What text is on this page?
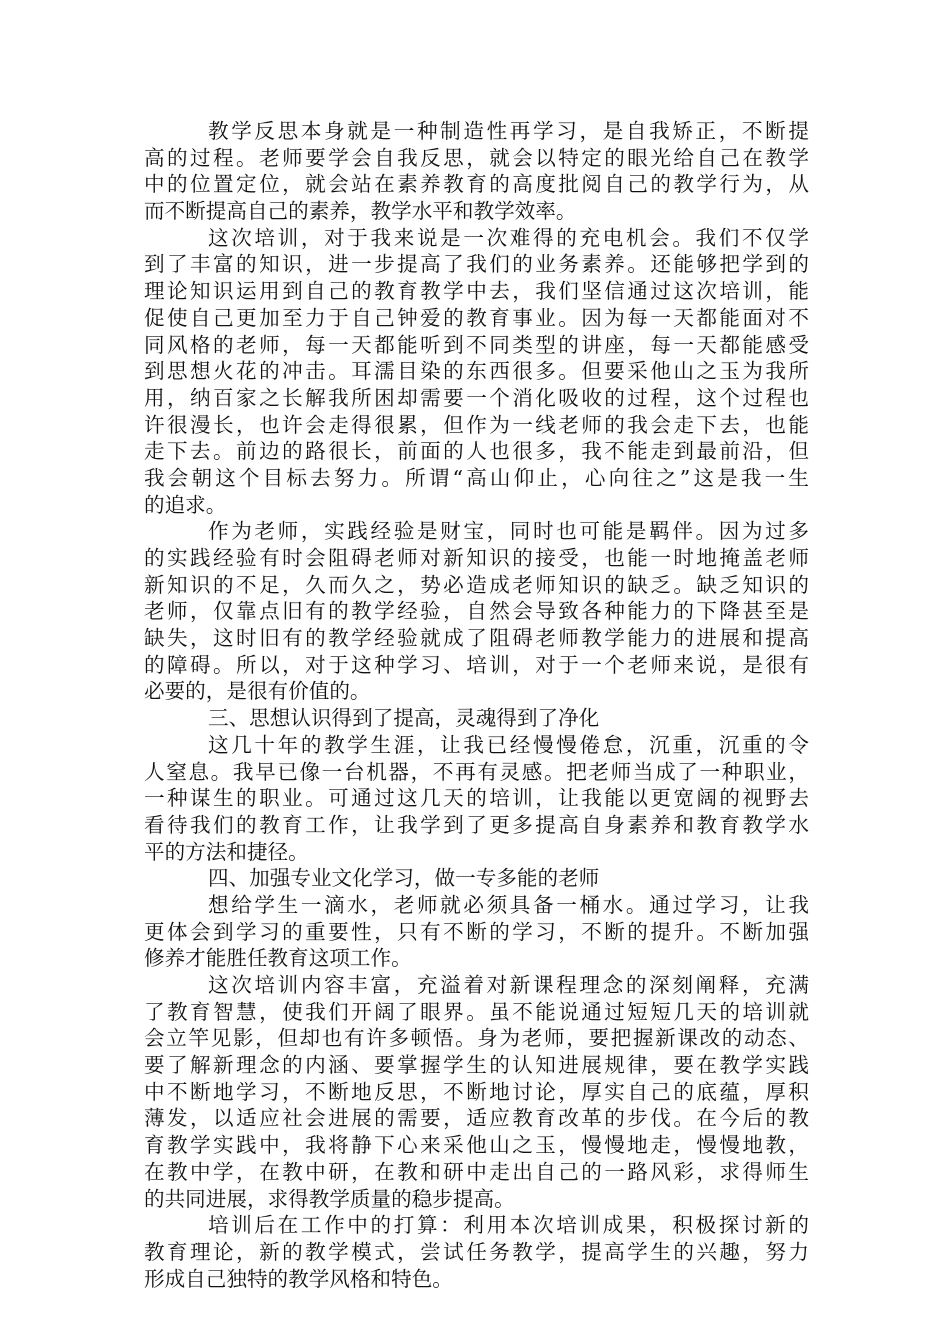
教学反思本身就是一种制造性再学习，是自我矫正，不断提
高的过程。老师要学会自我反思，就会以特定的眼光给自己在教学
中的位置定位，就会站在素养教育的高度批阅自己的教学行为，从
而不断提高自己的素养，教学水平和教学效率。
这次培训，对于我来说是一次难得的充电机会。我们不仅学
到了丰富的知识，进一步提高了我们的业务素养。还能够把学到的
理论知识运用到自己的教育教学中去，我们坚信通过这次培训，能
促使自己更加至力于自己钟爱的教育事业。因为每一天都能面对不
同风格的老师，每一天都能听到不同类型的讲座，每一天都能感受
到思想火花的冲击。耳濡目染的东西很多。但要采他山之玉为我所
用，纳百家之长解我所困却需要一个消化吸收的过程，这个过程也
许很漫长，也许会走得很累，但作为一线老师的我会走下去，也能
走下去。前边的路很长，前面的人也很多，我不能走到最前沿，但
我会朝这个目标去努力。所谓“高山仰止，心向往之”这是我一生
的追求。
作为老师，实践经验是财宝，同时也可能是羁伴。因为过多
的实践经验有时会阻碍老师对新知识的接受，也能一时地掩盖老师
新知识的不足，久而久之，势必造成老师知识的缺乏。缺乏知识的
老师，仅靠点旧有的教学经验，自然会导致各种能力的下降甚至是
缺失，这时旧有的教学经验就成了阻碍老师教学能力的进展和提高
的障碍。所以，对于这种学习、培训，对于一个老师来说，是很有
必要的，是很有价值的。
三、思想认识得到了提高，灵魂得到了净化
这几十年的教学生涯，让我已经慢慢倦怠，沉重，沉重的令
人窒息。我早已像一台机器，不再有灵感。把老师当成了一种职业，
一种谋生的职业。可通过这几天的培训，让我能以更宽阔的视野去
看待我们的教育工作，让我学到了更多提高自身素养和教育教学水
平的方法和捷径。
四、加强专业文化学习，做一专多能的老师
想给学生一滴水，老师就必须具备一桶水。通过学习，让我
更体会到学习的重要性，只有不断的学习，不断的提升。不断加强
修养才能胜任教育这项工作。
这次培训内容丰富，充溢着对新课程理念的深刻阐释，充满
了教育智慧，使我们开阔了眼界。虽不能说通过短短几天的培训就
会立竿见影，但却也有许多顿悟。身为老师，要把握新课改的动态、
要了解新理念的内涵、要掌握学生的认知进展规律，要在教学实践
中不断地学习，不断地反思，不断地讨论，厚实自己的底蕴，厚积
薄发，以适应社会进展的需要，适应教育改革的步伐。在今后的教
育教学实践中，我将静下心来采他山之玉，慢慢地走，慢慢地教，
在教中学，在教中研，在教和研中走出自己的一路风彩，求得师生
的共同进展，求得教学质量的稳步提高。
培训后在工作中的打算：利用本次培训成果，积极探讨新的
教育理论，新的教学模式，尝试任务教学，提高学生的兴趣，努力
形成自己独特的教学风格和特色。
